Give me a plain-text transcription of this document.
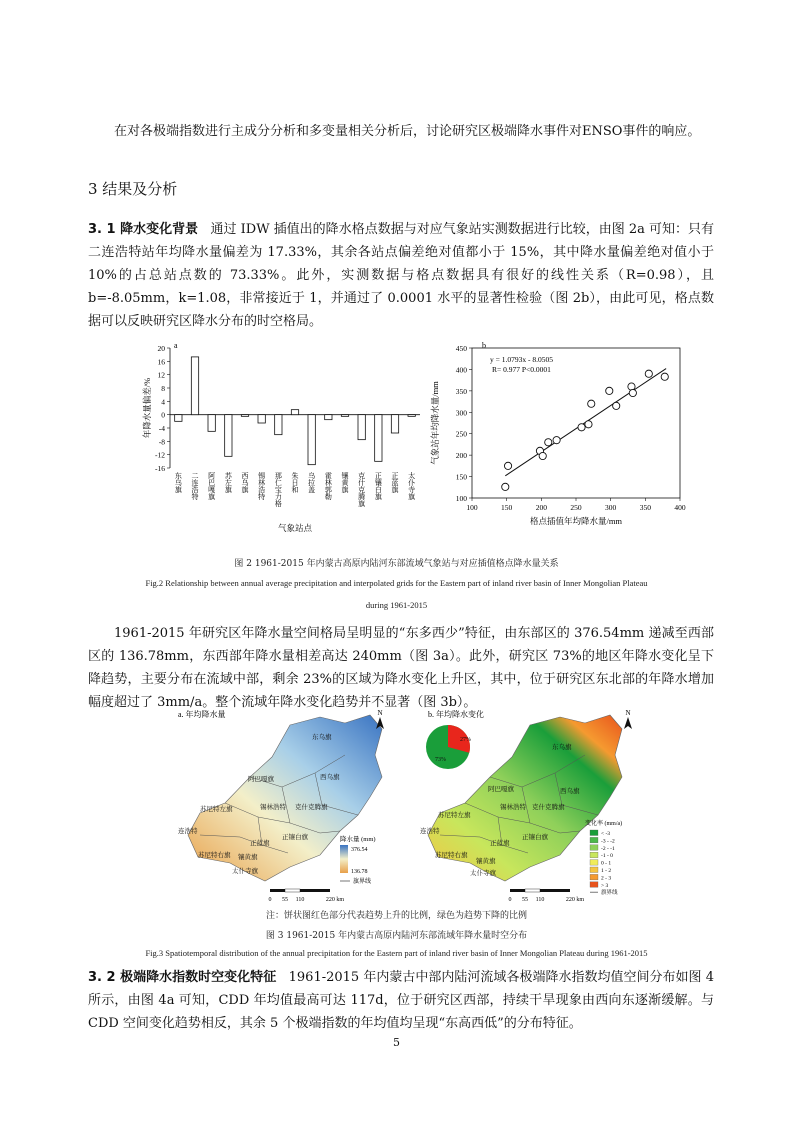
在对各极端指数进行主成分分析和多变量相关分析后，讨论研究区极端降水事件对ENSO事件的响应。

3 结果及分析

3. 1 降水变化背景 通过 IDW 插值出的降水格点数据与对应气象站实测数据进行比较，由图 2a 可知：只有二连浩特站年均降水量偏差为 17.33%，其余各站点偏差绝对值都小于 15%，其中降水量偏差绝对值小于 10%的占总站点数的 73.33%。此外，实测数据与格点数据具有很好的线性关系（R=0.98），且 b=-8.05mm，k=1.08，非常接近于 1，并通过了 0.0001 水平的显著性检验（图 2b），由此可见，格点数据可以反映研究区降水分布的时空格局。

a
-16
-12
-8
-4
0
4
8
12
16
20
东乌旗 二连浩特 阿巴嘎旗 苏左旗 西乌旗 锡林浩特 那仁宝力格 朱日和 乌拉盖 霍林郭勒 镶黄旗 克什克腾旗 正镶白旗 正蓝旗 太仆寺旗
气象站点
年降水量偏差/%
b
100	150	200	250	300	350	400
100
150
200
250
300
350
400
450
y = 1.0793x - 8.0505
R= 0.977 P<0.0001
格点插值年均降水量/mm
气象站年均降水量/mm
图 2 1961-2015 年内蒙古高原内陆河东部流域气象站与对应插值格点降水量关系
Fig.2 Relationship between annual average precipitation and interpolated grids for the Eastern part of inland river basin of Inner Mongolian Plateau
during 1961-2015

1961-2015 年研究区年降水量空间格局呈明显的“东多西少”特征，由东部区的 376.54mm 递减至西部区的 136.78mm，东西部年降水量相差高达 240mm（图 3a）。此外，研究区 73%的地区年降水变化呈下降趋势，主要分布在流域中部，剩余 23%的区域为降水变化上升区，其中，位于研究区东北部的年降水增加幅度超过了 3mm/a。整个流域年降水变化趋势并不显著（图 3b）。

a. 年均降水量
东乌旗
阿巴嘎旗	西乌旗
苏尼特左旗	锡林浩特 克什克腾旗
连浩特
正蓝旗
正镶白旗
苏尼特右旗 镶黄旗
太仆寺旗
N
降水量 (mm)
376.54
136.78
旗界线
0 55 110	220 km
b. 年均降水变化
27%
73%
东乌旗
阿巴嘎旗	西乌旗
苏尼特左旗
锡林浩特 克什克腾旗
连浩特
正蓝旗
正镶白旗
苏尼特右旗
镶黄旗
太仆寺旗
N
变化率 (mm/a)
< -3
-3 - -2
-2 - -1
-1 - 0
0 - 1
1 - 2
2 - 3
> 3
旗界线
0 55 110	220 km
注：饼状图红色部分代表趋势上升的比例，绿色为趋势下降的比例
图 3 1961-2015 年内蒙古高原内陆河东部流域年降水量时空分布
Fig.3 Spatiotemporal distribution of the annual precipitation for the Eastern part of inland river basin of Inner Mongolian Plateau during 1961-2015

3. 2 极端降水指数时空变化特征 1961-2015 年内蒙古中部内陆河流域各极端降水指数均值空间分布如图 4 所示，由图 4a 可知，CDD 年均值最高可达 117d，位于研究区西部，持续干旱现象由西向东逐渐缓解。与 CDD 空间变化趋势相反，其余 5 个极端指数的年均值均呈现“东高西低”的分布特征。

5
